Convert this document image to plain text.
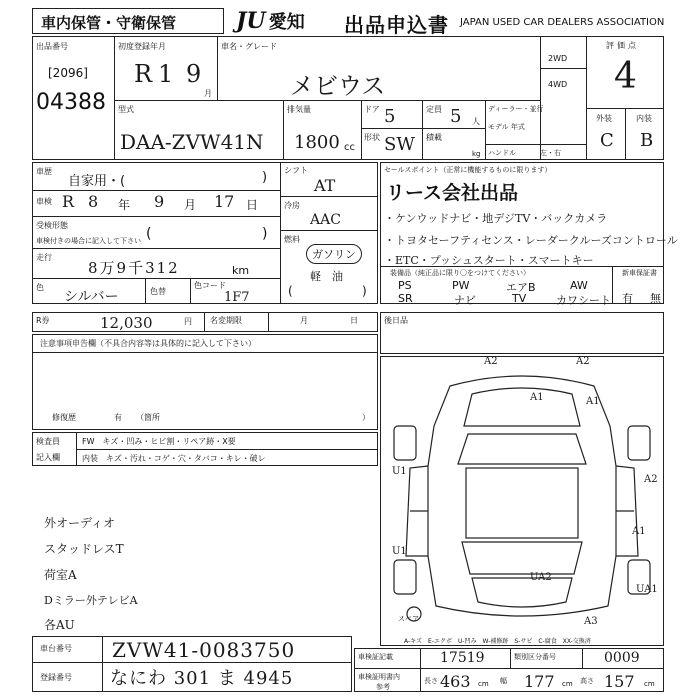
車内保管・守衛保管	JU 愛知 出品申込書 JAPAN USED CAR DEALERS ASSOCIATION
出品番号
[2096]
04388
初度登録年月
R 1 9
月
車名・グレード
メビウス
2WD
4WD
評価点
4
外装	内装
C B
型式
DAA-ZVW41N
排気量
1800 cc
ドア 5	定員 5 人
形状 SW 積載
kg
ディーラー・並行
モデル 年式
ハンドル	左・右
車歴
自家用・(	)
車検 R 8 年 9 月 17 日
受検形態
車検付きの場合に記入して下さい (	)
走行
8万9千312	km
色
シルバー	色替
色コード
1F7
シフト
AT
冷房
AAC
燃料
ガソリン
軽　油
(	)
セールスポイント（正常に機能するものに限ります）
リース会社出品
・ケンウッドナビ・地デジTV・バックカメラ
・トヨタセーフティセンス・レーダークルーズコントロール
・ETC・プッシュスタート・スマートキー
装備品（純正品に限り〇をつけてください）
PS	PW	エアB	AW
SR	ナビ	TV	カワシート
新車保証書
有 無
R券	12,030	円 名変期限	月	日	後日品
注意事項申告欄（不具合内容等は具体的に記入して下さい）
修復歴	有 （箇所	）
検査員
記入欄
FW　キズ・凹み・ヒビ割・リペア跡・X要
内装　キズ・汚れ・コゲ・穴・タバコ・キレ・破レ
外オーディオ
スタッドレスT
荷室A
Dミラー外テレビA
各AU
車台番号 ZVW41-0083750
登録番号 なにわ 301 ま 4945
A2	A2
A1	A1
U1
A2
U1
A1
UA2
A3
UA1
スペア
A-キズ　E-エクボ　U-凹み　W-補修跡　S-サビ　C-腐食　XX-交換済
車検証記載	17519	類別区分番号	0009
車検証明書内
参考
長さ 463 cm 幅 177 cm 高さ 157 cm
